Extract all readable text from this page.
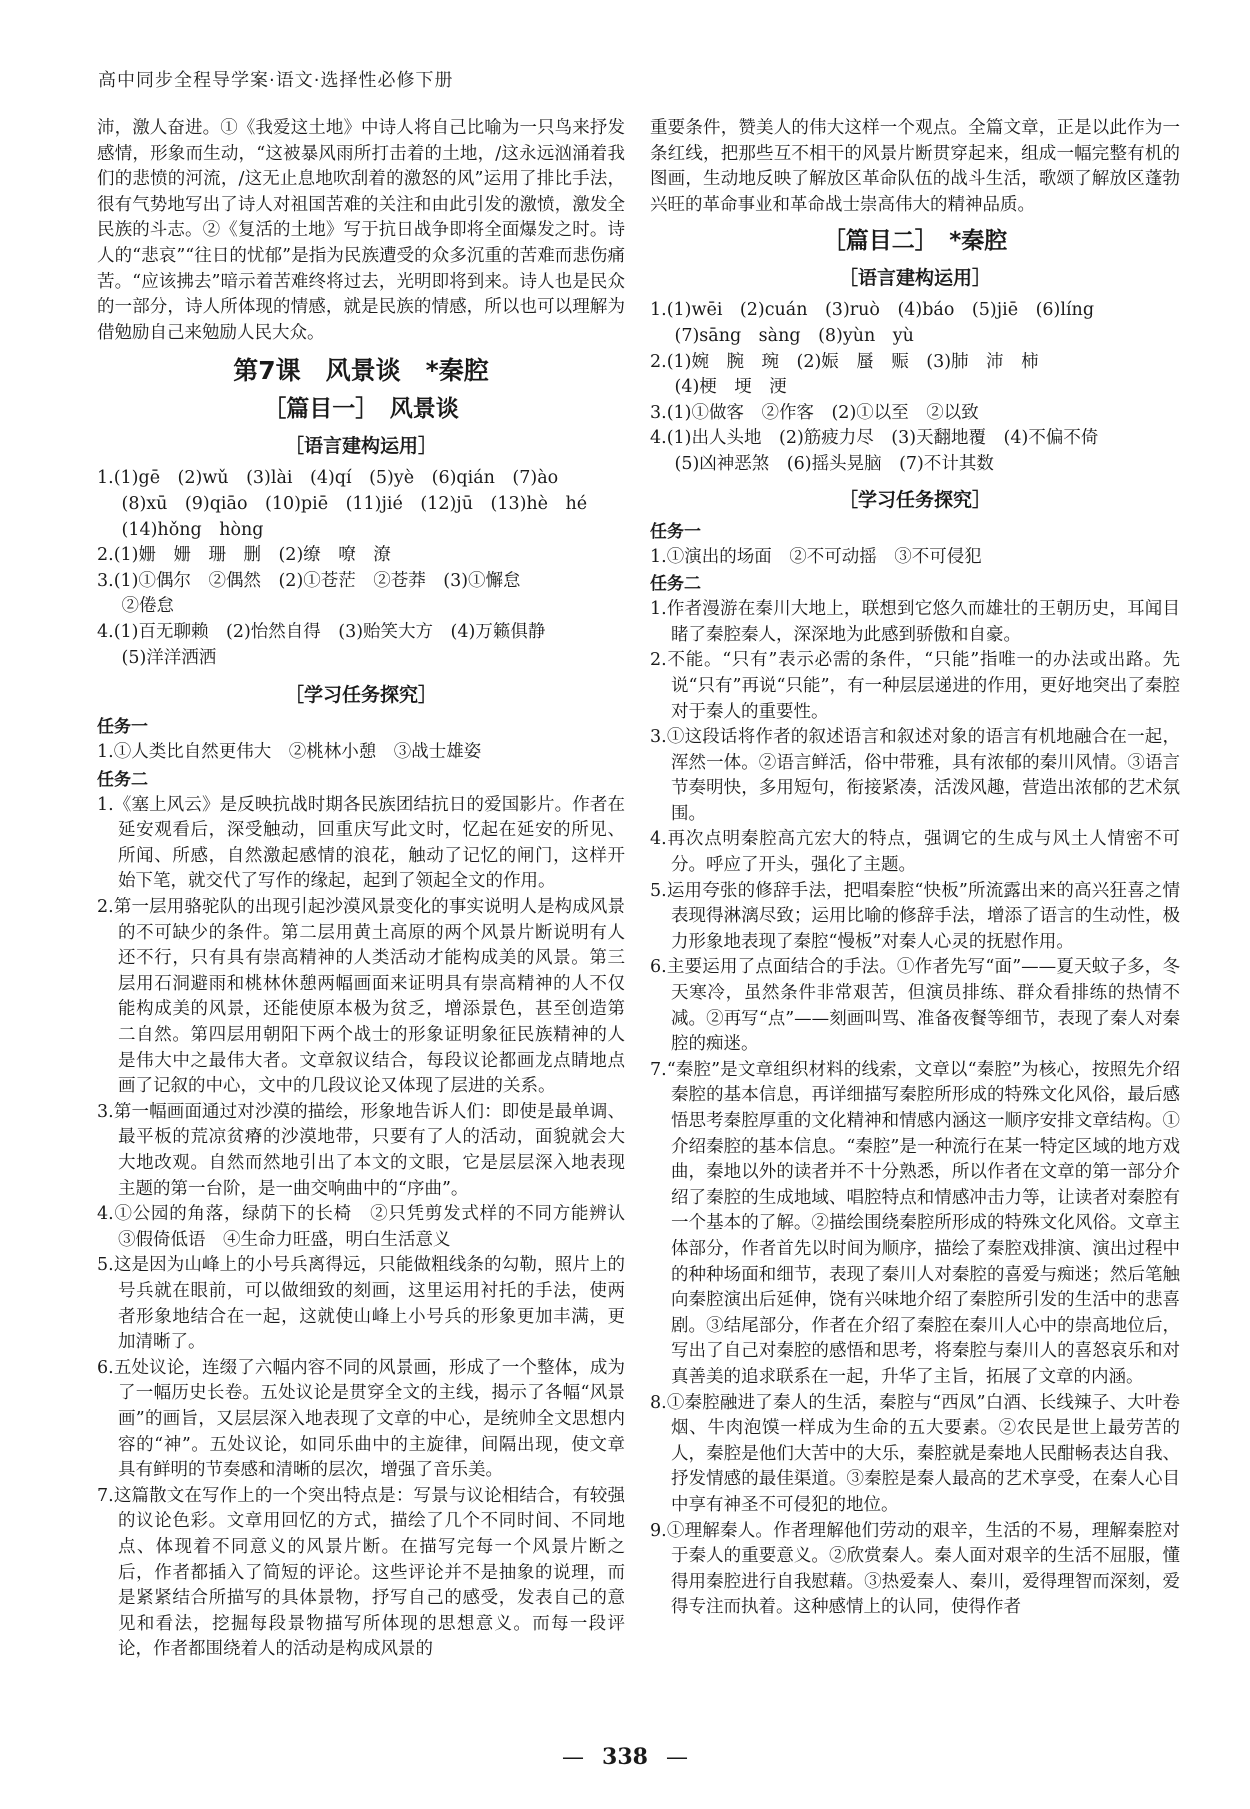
高中同步全程导学案·语文·选择性必修下册

沛，激人奋进。①《我爱这土地》中诗人将自己比喻为一只鸟来抒发感情，形象而生动，“这被暴风雨所打击着的土地，/这永远汹涌着我们的悲愤的河流，/这无止息地吹刮着的激怒的风”运用了排比手法，很有气势地写出了诗人对祖国苦难的关注和由此引发的激愤，激发全民族的斗志。②《复活的土地》写于抗日战争即将全面爆发之时。诗人的“悲哀”“往日的忧郁”是指为民族遭受的众多沉重的苦难而悲伤痛苦。“应该拂去”暗示着苦难终将过去，光明即将到来。诗人也是民众的一部分，诗人所体现的情感，就是民族的情感，所以也可以理解为借勉励自己来勉励人民大众。

第7课　风景谈　*秦腔
［篇目一］　风景谈
［语言建构运用］

1.(1)gē　(2)wǔ　(3)lài　(4)qí　(5)yè　(6)qián　(7)ào

(8)xū　(9)qiāo　(10)piē　(11)jié　(12)jū　(13)hè　hé

(14)hǒng　hòng

2.(1)姗　姗　珊　删　(2)缭　嘹　潦

3.(1)①偶尔　②偶然　(2)①苍茫　②苍莽　(3)①懈怠

②倦怠

4.(1)百无聊赖　(2)怡然自得　(3)贻笑大方　(4)万籁俱静

(5)洋洋洒洒

［学习任务探究］
任务一

1.①人类比自然更伟大　②桃林小憩　③战士雄姿

任务二

1.《塞上风云》是反映抗战时期各民族团结抗日的爱国影片。作者在延安观看后，深受触动，回重庆写此文时，忆起在延安的所见、所闻、所感，自然激起感情的浪花，触动了记忆的闸门，这样开始下笔，就交代了写作的缘起，起到了领起全文的作用。

2.第一层用骆驼队的出现引起沙漠风景变化的事实说明人是构成风景的不可缺少的条件。第二层用黄土高原的两个风景片断说明有人还不行，只有具有崇高精神的人类活动才能构成美的风景。第三层用石洞避雨和桃林休憩两幅画面来证明具有崇高精神的人不仅能构成美的风景，还能使原本极为贫乏，增添景色，甚至创造第二自然。第四层用朝阳下两个战士的形象证明象征民族精神的人是伟大中之最伟大者。文章叙议结合，每段议论都画龙点睛地点画了记叙的中心，文中的几段议论又体现了层进的关系。

3.第一幅画面通过对沙漠的描绘，形象地告诉人们：即使是最单调、最平板的荒凉贫瘠的沙漠地带，只要有了人的活动，面貌就会大大地改观。自然而然地引出了本文的文眼，它是层层深入地表现主题的第一台阶，是一曲交响曲中的“序曲”。

4.①公园的角落，绿荫下的长椅　②只凭剪发式样的不同方能辨认　③假倚低语　④生命力旺盛，明白生活意义

5.这是因为山峰上的小号兵离得远，只能做粗线条的勾勒，照片上的号兵就在眼前，可以做细致的刻画，这里运用衬托的手法，使两者形象地结合在一起，这就使山峰上小号兵的形象更加丰满，更加清晰了。

6.五处议论，连缀了六幅内容不同的风景画，形成了一个整体，成为了一幅历史长卷。五处议论是贯穿全文的主线，揭示了各幅“风景画”的画旨，又层层深入地表现了文章的中心，是统帅全文思想内容的“神”。五处议论，如同乐曲中的主旋律，间隔出现，使文章具有鲜明的节奏感和清晰的层次，增强了音乐美。

7.这篇散文在写作上的一个突出特点是：写景与议论相结合，有较强的议论色彩。文章用回忆的方式，描绘了几个不同时间、不同地点、体现着不同意义的风景片断。在描写完每一个风景片断之后，作者都插入了简短的评论。这些评论并不是抽象的说理，而是紧紧结合所描写的具体景物，抒写自己的感受，发表自己的意见和看法，挖掘每段景物描写所体现的思想意义。而每一段评论，作者都围绕着人的活动是构成风景的

重要条件，赞美人的伟大这样一个观点。全篇文章，正是以此作为一条红线，把那些互不相干的风景片断贯穿起来，组成一幅完整有机的图画，生动地反映了解放区革命队伍的战斗生活，歌颂了解放区蓬勃兴旺的革命事业和革命战士崇高伟大的精神品质。

［篇目二］　*秦腔
［语言建构运用］

1.(1)wēi　(2)cuán　(3)ruò　(4)báo　(5)jiē　(6)líng

(7)sāng　sàng　(8)yùn　yù

2.(1)婉　腕　琬　(2)娠　蜃　赈　(3)肺　沛　柿

(4)梗　埂　浭

3.(1)①做客　②作客　(2)①以至　②以致

4.(1)出人头地　(2)筋疲力尽　(3)天翻地覆　(4)不偏不倚

(5)凶神恶煞　(6)摇头晃脑　(7)不计其数

［学习任务探究］
任务一

1.①演出的场面　②不可动摇　③不可侵犯

任务二

1.作者漫游在秦川大地上，联想到它悠久而雄壮的王朝历史，耳闻目睹了秦腔秦人，深深地为此感到骄傲和自豪。

2.不能。“只有”表示必需的条件，“只能”指唯一的办法或出路。先说“只有”再说“只能”，有一种层层递进的作用，更好地突出了秦腔对于秦人的重要性。

3.①这段话将作者的叙述语言和叙述对象的语言有机地融合在一起，浑然一体。②语言鲜活，俗中带雅，具有浓郁的秦川风情。③语言节奏明快，多用短句，衔接紧凑，活泼风趣，营造出浓郁的艺术氛围。

4.再次点明秦腔高亢宏大的特点，强调它的生成与风土人情密不可分。呼应了开头，强化了主题。

5.运用夸张的修辞手法，把唱秦腔“快板”所流露出来的高兴狂喜之情表现得淋漓尽致；运用比喻的修辞手法，增添了语言的生动性，极力形象地表现了秦腔“慢板”对秦人心灵的抚慰作用。

6.主要运用了点面结合的手法。①作者先写“面”——夏天蚊子多，冬天寒冷，虽然条件非常艰苦，但演员排练、群众看排练的热情不减。②再写“点”——刻画叫骂、准备夜餐等细节，表现了秦人对秦腔的痴迷。

7.“秦腔”是文章组织材料的线索，文章以“秦腔”为核心，按照先介绍秦腔的基本信息，再详细描写秦腔所形成的特殊文化风俗，最后感悟思考秦腔厚重的文化精神和情感内涵这一顺序安排文章结构。①介绍秦腔的基本信息。“秦腔”是一种流行在某一特定区域的地方戏曲，秦地以外的读者并不十分熟悉，所以作者在文章的第一部分介绍了秦腔的生成地域、唱腔特点和情感冲击力等，让读者对秦腔有一个基本的了解。②描绘围绕秦腔所形成的特殊文化风俗。文章主体部分，作者首先以时间为顺序，描绘了秦腔戏排演、演出过程中的种种场面和细节，表现了秦川人对秦腔的喜爱与痴迷；然后笔触向秦腔演出后延伸，饶有兴味地介绍了秦腔所引发的生活中的悲喜剧。③结尾部分，作者在介绍了秦腔在秦川人心中的崇高地位后，写出了自己对秦腔的感悟和思考，将秦腔与秦川人的喜怒哀乐和对真善美的追求联系在一起，升华了主旨，拓展了文章的内涵。

8.①秦腔融进了秦人的生活，秦腔与“西凤”白酒、长线辣子、大叶卷烟、牛肉泡馍一样成为生命的五大要素。②农民是世上最劳苦的人，秦腔是他们大苦中的大乐，秦腔就是秦地人民酣畅表达自我、抒发情感的最佳渠道。③秦腔是秦人最高的艺术享受，在秦人心目中享有神圣不可侵犯的地位。

9.①理解秦人。作者理解他们劳动的艰辛，生活的不易，理解秦腔对于秦人的重要意义。②欣赏秦人。秦人面对艰辛的生活不屈服，懂得用秦腔进行自我慰藉。③热爱秦人、秦川，爱得理智而深刻，爱得专注而执着。这种感情上的认同，使得作者

— 338 —
